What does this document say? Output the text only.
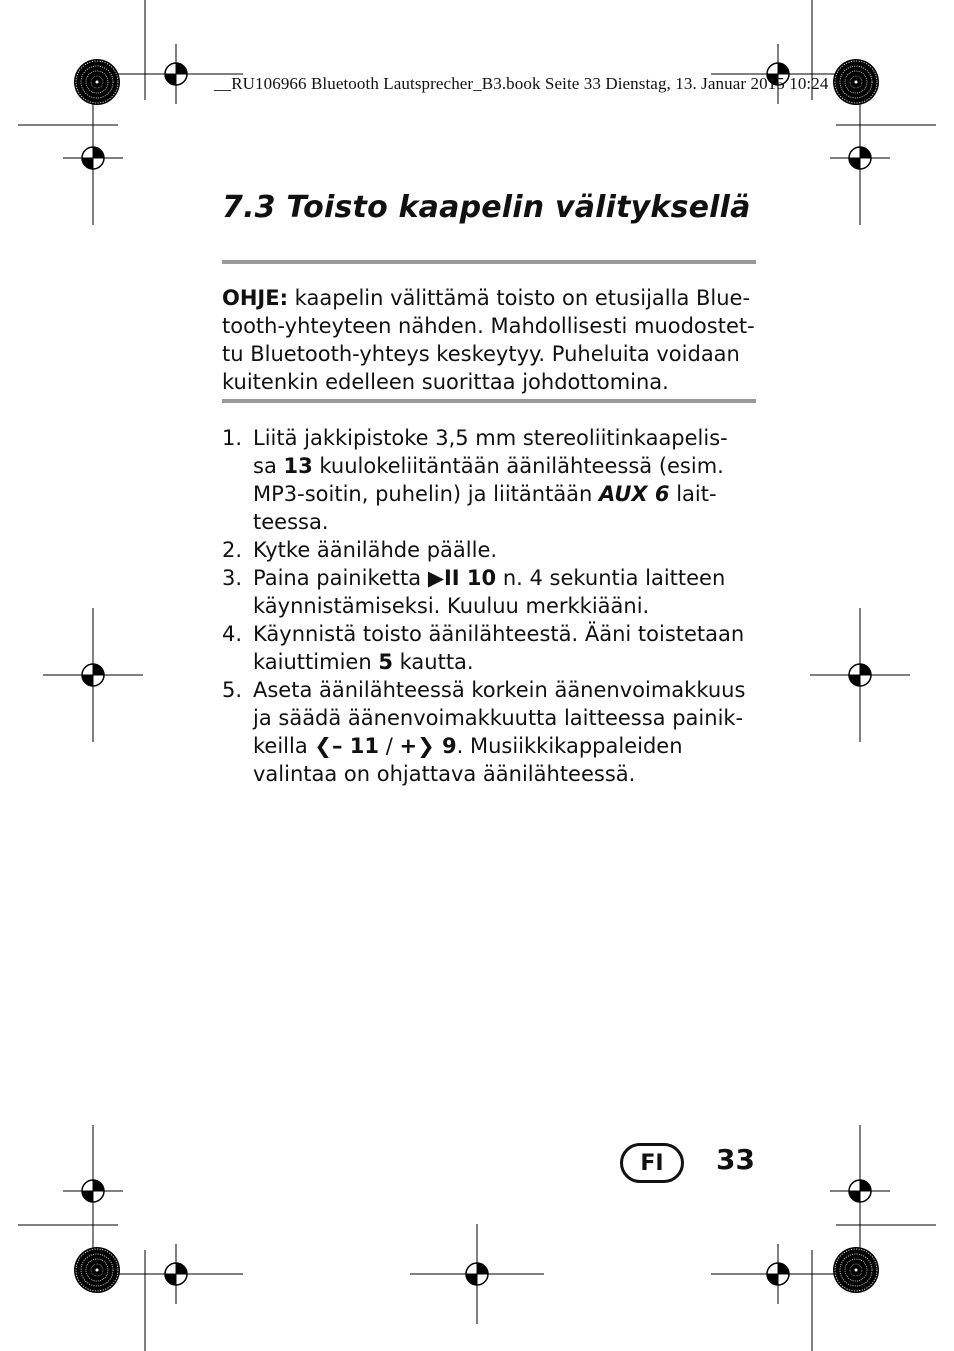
__RU106966 Bluetooth Lautsprecher_B3.book Seite 33 Dienstag, 13. Januar 2015 10:24 10
7.3 Toisto kaapelin välityksellä
OHJE: kaapelin välittämä toisto on etusijalla Blue-
tooth-yhteyteen nähden. Mahdollisesti muodostet-
tu Bluetooth-yhteys keskeytyy. Puheluita voidaan
kuitenkin edelleen suorittaa johdottomina.
1. Liitä jakkipistoke 3,5 mm stereoliitinkaapelis-
sa 13 kuulokeliitäntään äänilähteessä (esim.
MP3-soitin, puhelin) ja liitäntään AUX 6 lait-
teessa.
2. Kytke äänilähde päälle.
3. Paina painiketta ▶II 10 n. 4 sekuntia laitteen
käynnistämiseksi. Kuuluu merkkiääni.
4. Käynnistä toisto äänilähteestä. Ääni toistetaan
kaiuttimien 5 kautta.
5. Aseta äänilähteessä korkein äänenvoimakkuus
ja säädä äänenvoimakkuutta laitteessa painik-
keilla ❮– 11 / +❯ 9. Musiikkikappaleiden
valintaa on ohjattava äänilähteessä.
FI	33
